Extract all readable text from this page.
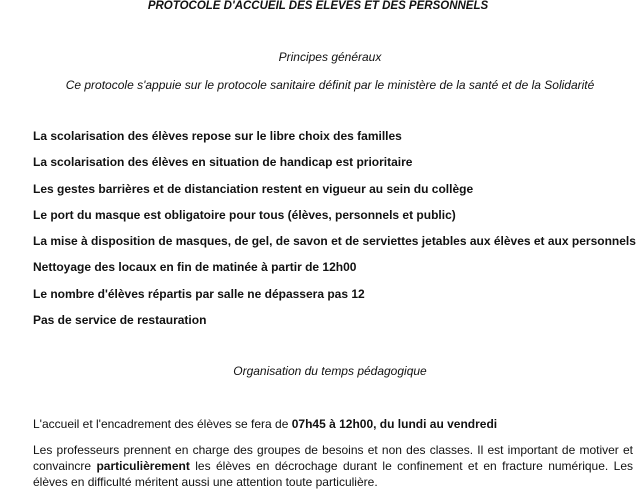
PROTOCOLE D'ACCUEIL DES ELEVES ET DES PERSONNELS
Principes généraux
Ce protocole s'appuie sur le protocole sanitaire définit par le ministère de la santé et de la Solidarité
La scolarisation des élèves repose sur le libre choix des familles
La scolarisation des élèves en situation de handicap est prioritaire
Les gestes barrières et de distanciation restent en vigueur au sein du collège
Le port du masque est obligatoire pour tous (élèves, personnels et public)
La mise à disposition de masques, de gel, de savon et de serviettes jetables aux élèves et aux personnels
Nettoyage des locaux en fin de matinée à partir de 12h00
Le nombre d'élèves répartis par salle ne dépassera pas 12
Pas de service de restauration
Organisation du temps pédagogique
L'accueil et l'encadrement des élèves se fera de 07h45 à 12h00, du lundi au vendredi
Les professeurs prennent en charge des groupes de besoins et non des classes. Il est important de motiver et
convaincre particulièrement les élèves en décrochage durant le confinement et en fracture numérique. Les
élèves en difficulté méritent aussi une attention toute particulière.
